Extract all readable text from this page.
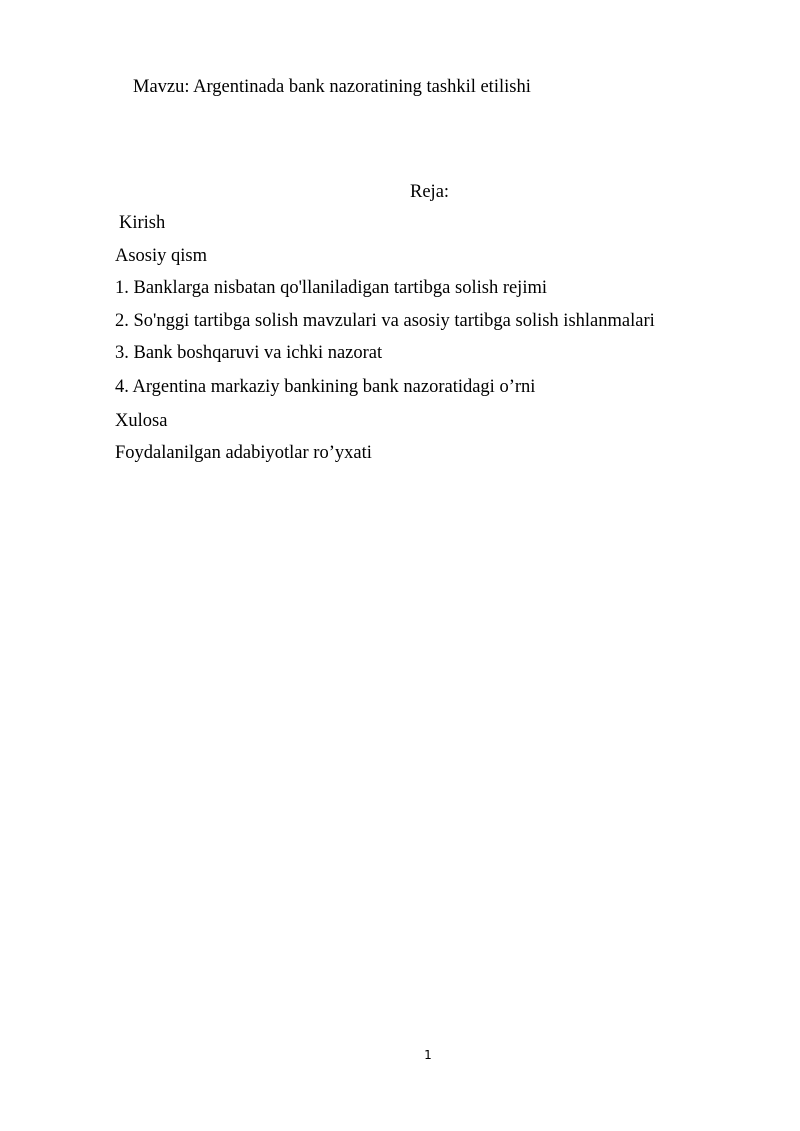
Mavzu: Argentinada bank nazoratining tashkil etilishi
Reja:
Kirish
Asosiy qism
1. Banklarga nisbatan qo'llaniladigan tartibga solish rejimi
2. So'nggi tartibga solish mavzulari va asosiy tartibga solish ishlanmalari
3. Bank boshqaruvi va ichki nazorat
4. Argentina markaziy bankining bank nazoratidagi o’rni
Xulosa
Foydalanilgan adabiyotlar ro’yxati
1
